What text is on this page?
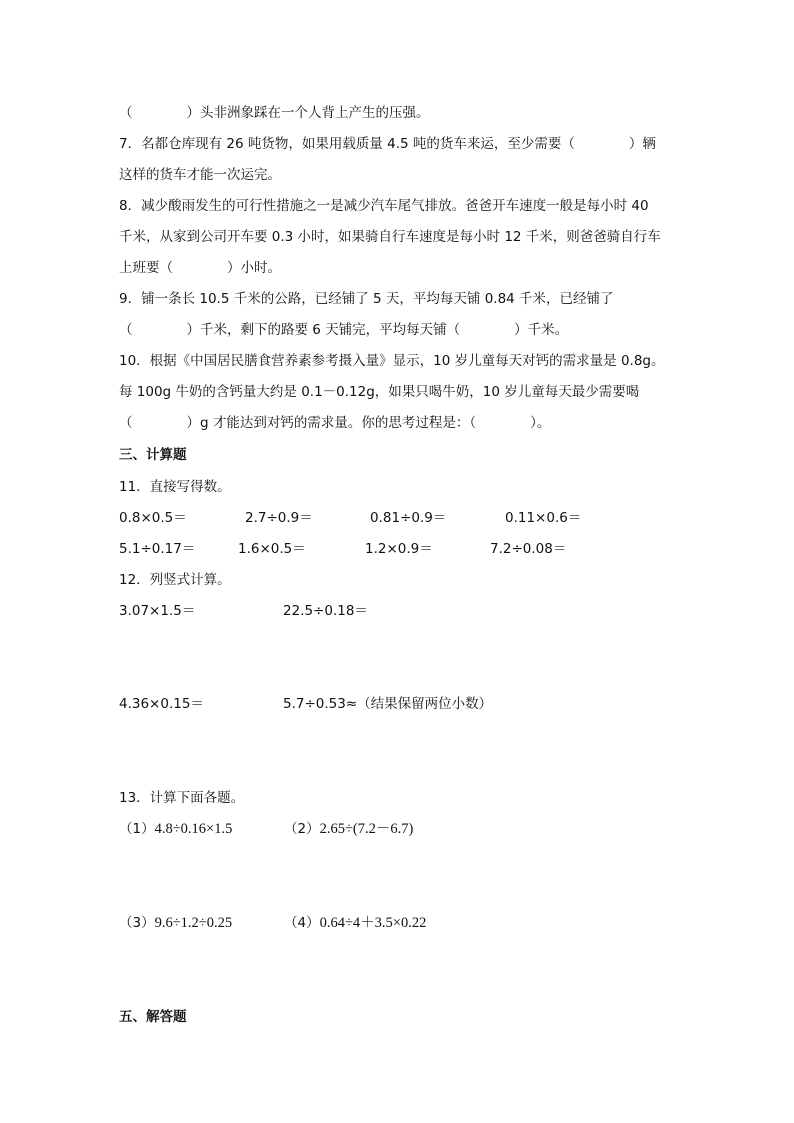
（　　　　）头非洲象踩在一个人背上产生的压强。
7．名都仓库现有 26 吨货物，如果用载质量 4.5 吨的货车来运，至少需要（　　　　）辆
这样的货车才能一次运完。
8．减少酸雨发生的可行性措施之一是减少汽车尾气排放。爸爸开车速度一般是每小时 40
千米，从家到公司开车要 0.3 小时，如果骑自行车速度是每小时 12 千米，则爸爸骑自行车
上班要（　　　　）小时。
9．铺一条长 10.5 千米的公路，已经铺了 5 天，平均每天铺 0.84 千米，已经铺了
（　　　　）千米，剩下的路要 6 天铺完，平均每天铺（　　　　）千米。
10．根据《中国居民膳食营养素参考摄入量》显示，10 岁儿童每天对钙的需求量是 0.8g。
每 100g 牛奶的含钙量大约是 0.1－0.12g，如果只喝牛奶，10 岁儿童每天最少需要喝
（　　　　）g 才能达到对钙的需求量。你的思考过程是：（　　　　）。
三、计算题
11．直接写得数。
0.8×0.5＝	2.7÷0.9＝	0.81÷0.9＝	0.11×0.6＝
5.1÷0.17＝	1.6×0.5＝	1.2×0.9＝	7.2÷0.08＝
12．列竖式计算。
3.07×1.5＝	22.5÷0.18＝
4.36×0.15＝	5.7÷0.53≈（结果保留两位小数）
13．计算下面各题。
（1）4.8÷0.16×1.5	（2）2.65÷(7.2－6.7)
（3）9.6÷1.2÷0.25	（4）0.64÷4＋3.5×0.22
五、解答题
